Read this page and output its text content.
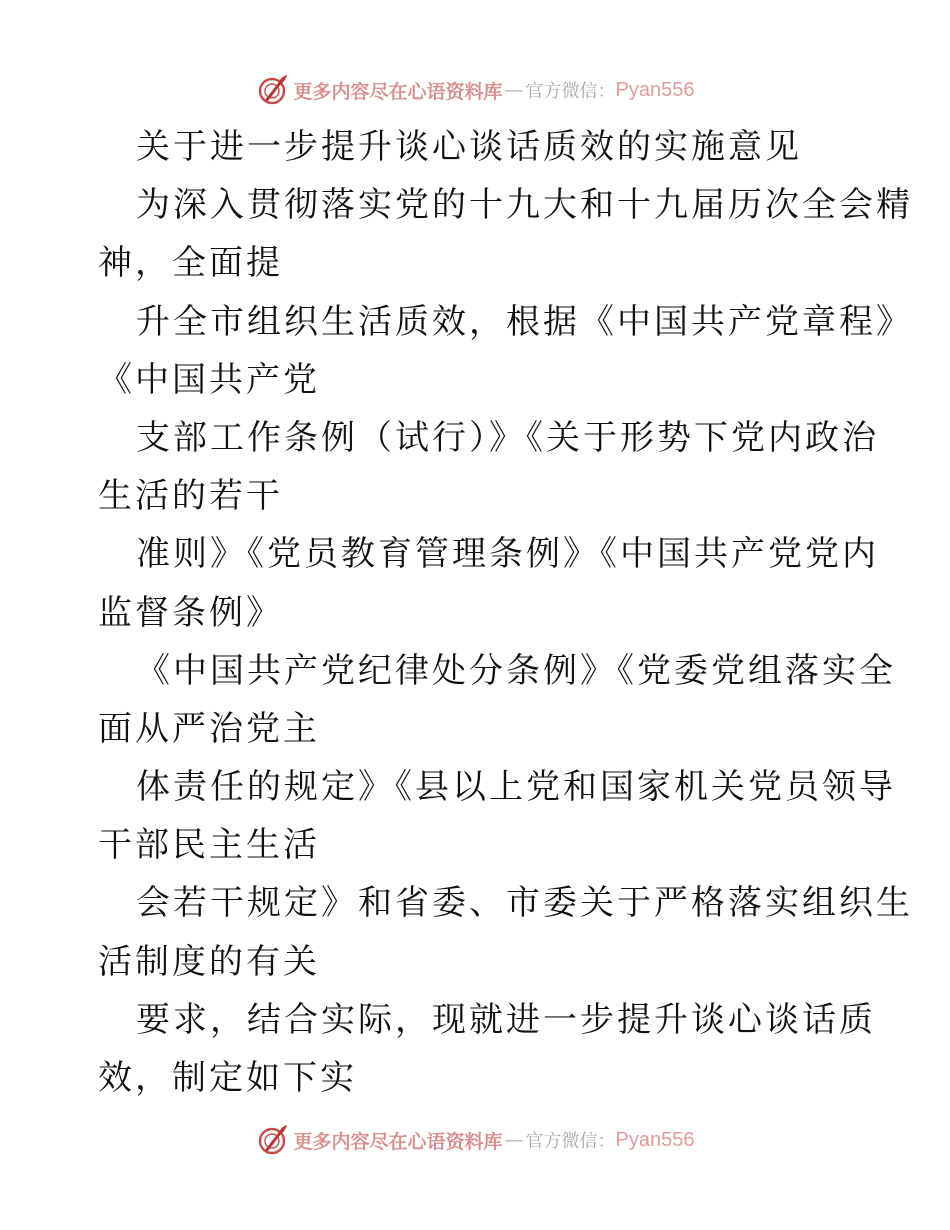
更多内容尽在心语资料库 — 官方微信： Pyan556
关于进一步提升谈心谈话质效的实施意见
为深入贯彻落实党的十九大和十九届历次全会精
神，全面提
升全市组织生活质效，根据《中国共产党章程》
《中国共产党
支部工作条例（试行）》《关于形势下党内政治
生活的若干
准则》《党员教育管理条例》《中国共产党党内
监督条例》
《中国共产党纪律处分条例》《党委党组落实全
面从严治党主
体责任的规定》《县以上党和国家机关党员领导
干部民主生活
会若干规定》和省委、市委关于严格落实组织生
活制度的有关
要求，结合实际，现就进一步提升谈心谈话质
效，制定如下实
更多内容尽在心语资料库 — 官方微信： Pyan556
